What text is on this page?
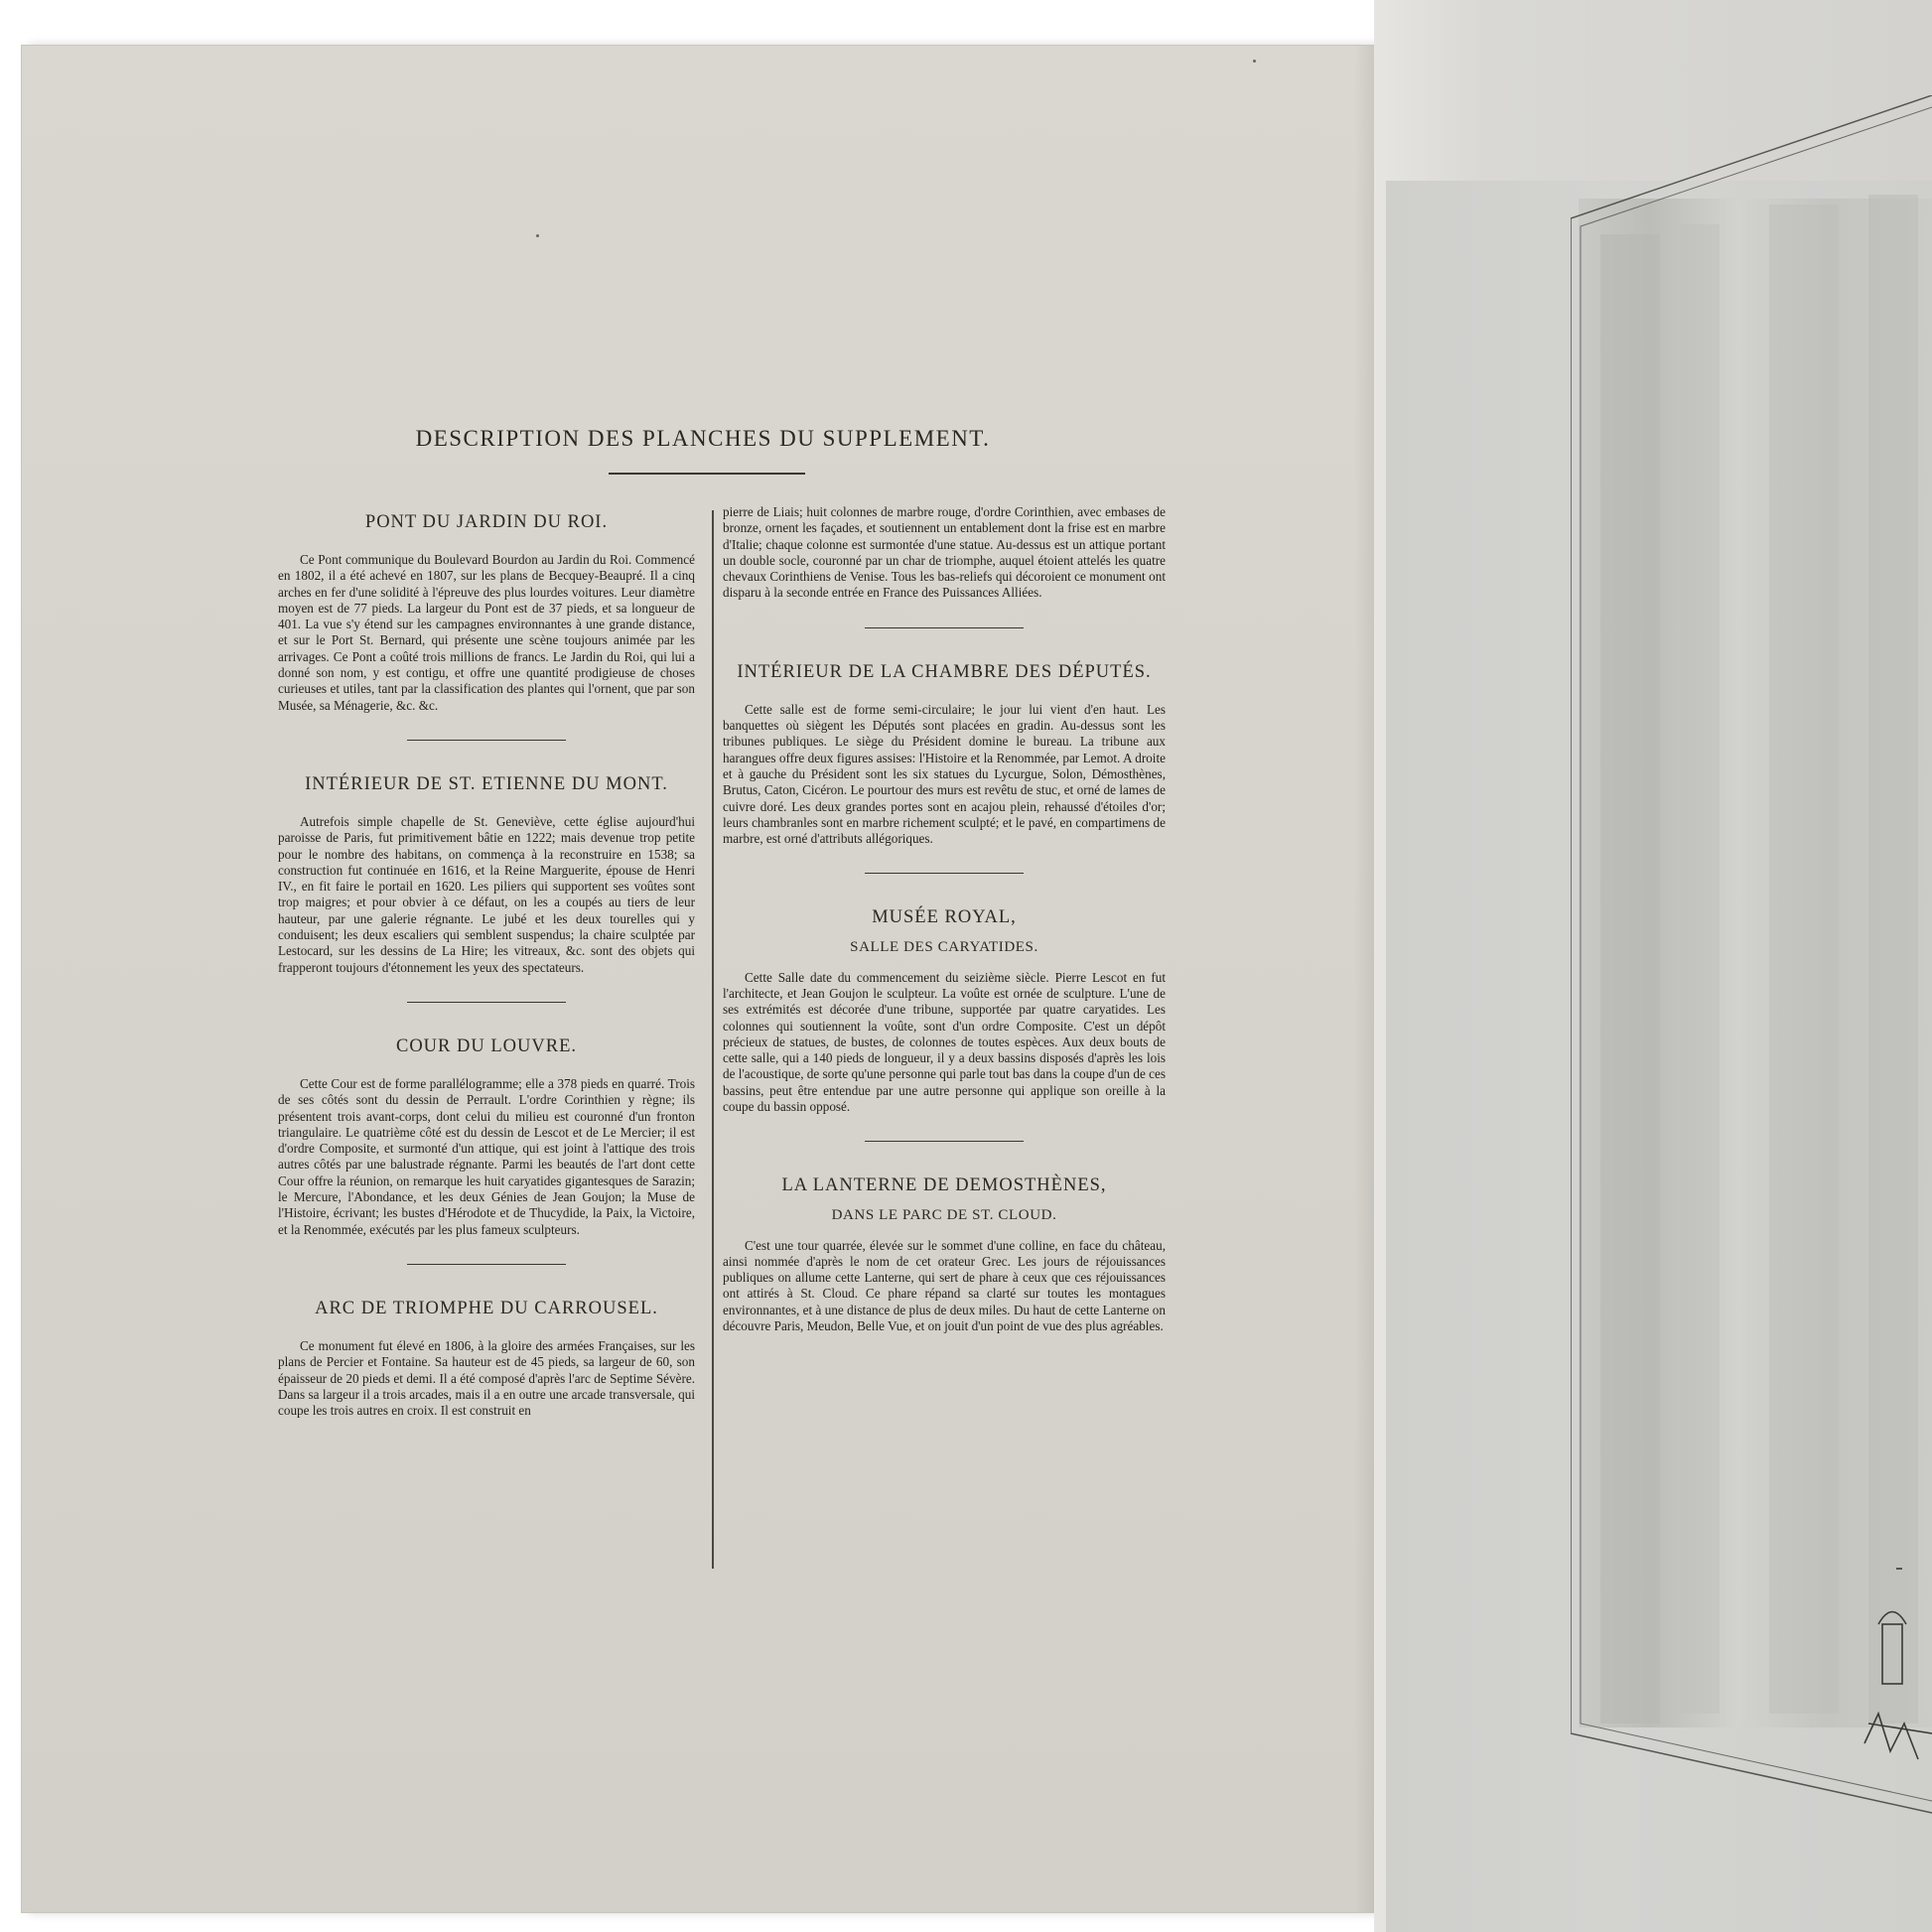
DESCRIPTION DES PLANCHES DU SUPPLEMENT.
PONT DU JARDIN DU ROI.

Ce Pont communique du Boulevard Bourdon au Jardin du Roi. Commencé en 1802, il a été achevé en 1807, sur les plans de Becquey-Beaupré. Il a cinq arches en fer d'une solidité à l'épreuve des plus lourdes voitures. Leur diamètre moyen est de 77 pieds. La largeur du Pont est de 37 pieds, et sa longueur de 401. La vue s'y étend sur les campagnes environnantes à une grande distance, et sur le Port St. Bernard, qui présente une scène toujours animée par les arrivages. Ce Pont a coûté trois millions de francs. Le Jardin du Roi, qui lui a donné son nom, y est contigu, et offre une quantité prodigieuse de choses curieuses et utiles, tant par la classification des plantes qui l'ornent, que par son Musée, sa Ménagerie, &c. &c.

INTÉRIEUR DE ST. ETIENNE DU MONT.

Autrefois simple chapelle de St. Geneviève, cette église aujourd'hui paroisse de Paris, fut primitivement bâtie en 1222; mais devenue trop petite pour le nombre des habitans, on commença à la reconstruire en 1538; sa construction fut continuée en 1616, et la Reine Marguerite, épouse de Henri IV., en fit faire le portail en 1620. Les piliers qui supportent ses voûtes sont trop maigres; et pour obvier à ce défaut, on les a coupés au tiers de leur hauteur, par une galerie régnante. Le jubé et les deux tourelles qui y conduisent; les deux escaliers qui semblent suspendus; la chaire sculptée par Lestocard, sur les dessins de La Hire; les vitreaux, &c. sont des objets qui frapperont toujours d'étonnement les yeux des spectateurs.

COUR DU LOUVRE.

Cette Cour est de forme parallélogramme; elle a 378 pieds en quarré. Trois de ses côtés sont du dessin de Perrault. L'ordre Corinthien y règne; ils présentent trois avant-corps, dont celui du milieu est couronné d'un fronton triangulaire. Le quatrième côté est du dessin de Lescot et de Le Mercier; il est d'ordre Composite, et surmonté d'un attique, qui est joint à l'attique des trois autres côtés par une balustrade régnante. Parmi les beautés de l'art dont cette Cour offre la réunion, on remarque les huit caryatides gigantesques de Sarazin; le Mercure, l'Abondance, et les deux Génies de Jean Goujon; la Muse de l'Histoire, écrivant; les bustes d'Hérodote et de Thucydide, la Paix, la Victoire, et la Renommée, exécutés par les plus fameux sculpteurs.

ARC DE TRIOMPHE DU CARROUSEL.

Ce monument fut élevé en 1806, à la gloire des armées Françaises, sur les plans de Percier et Fontaine. Sa hauteur est de 45 pieds, sa largeur de 60, son épaisseur de 20 pieds et demi. Il a été composé d'après l'arc de Septime Sévère. Dans sa largeur il a trois arcades, mais il a en outre une arcade transversale, qui coupe les trois autres en croix. Il est construit en

pierre de Liais; huit colonnes de marbre rouge, d'ordre Corinthien, avec embases de bronze, ornent les façades, et soutiennent un entablement dont la frise est en marbre d'Italie; chaque colonne est surmontée d'une statue. Au-dessus est un attique portant un double socle, couronné par un char de triomphe, auquel étoient attelés les quatre chevaux Corinthiens de Venise. Tous les bas-reliefs qui décoroient ce monument ont disparu à la seconde entrée en France des Puissances Alliées.

INTÉRIEUR DE LA CHAMBRE DES DÉPUTÉS.

Cette salle est de forme semi-circulaire; le jour lui vient d'en haut. Les banquettes où siègent les Députés sont placées en gradin. Au-dessus sont les tribunes publiques. Le siège du Président domine le bureau. La tribune aux harangues offre deux figures assises: l'Histoire et la Renommée, par Lemot. A droite et à gauche du Président sont les six statues du Lycurgue, Solon, Démosthènes, Brutus, Caton, Cicéron. Le pourtour des murs est revêtu de stuc, et orné de lames de cuivre doré. Les deux grandes portes sont en acajou plein, rehaussé d'étoiles d'or; leurs chambranles sont en marbre richement sculpté; et le pavé, en compartimens de marbre, est orné d'attributs allégoriques.

MUSÉE ROYAL,
SALLE DES CARYATIDES.

Cette Salle date du commencement du seizième siècle. Pierre Lescot en fut l'architecte, et Jean Goujon le sculpteur. La voûte est ornée de sculpture. L'une de ses extrémités est décorée d'une tribune, supportée par quatre caryatides. Les colonnes qui soutiennent la voûte, sont d'un ordre Composite. C'est un dépôt précieux de statues, de bustes, de colonnes de toutes espèces. Aux deux bouts de cette salle, qui a 140 pieds de longueur, il y a deux bassins disposés d'après les lois de l'acoustique, de sorte qu'une personne qui parle tout bas dans la coupe d'un de ces bassins, peut être entendue par une autre personne qui applique son oreille à la coupe du bassin opposé.

LA LANTERNE DE DEMOSTHÈNES,
DANS LE PARC DE ST. CLOUD.

C'est une tour quarrée, élevée sur le sommet d'une colline, en face du château, ainsi nommée d'après le nom de cet orateur Grec. Les jours de réjouissances publiques on allume cette Lanterne, qui sert de phare à ceux que ces réjouissances ont attirés à St. Cloud. Ce phare répand sa clarté sur toutes les montagues environnantes, et à une distance de plus de deux miles. Du haut de cette Lanterne on découvre Paris, Meudon, Belle Vue, et on jouit d'un point de vue des plus agréables.
